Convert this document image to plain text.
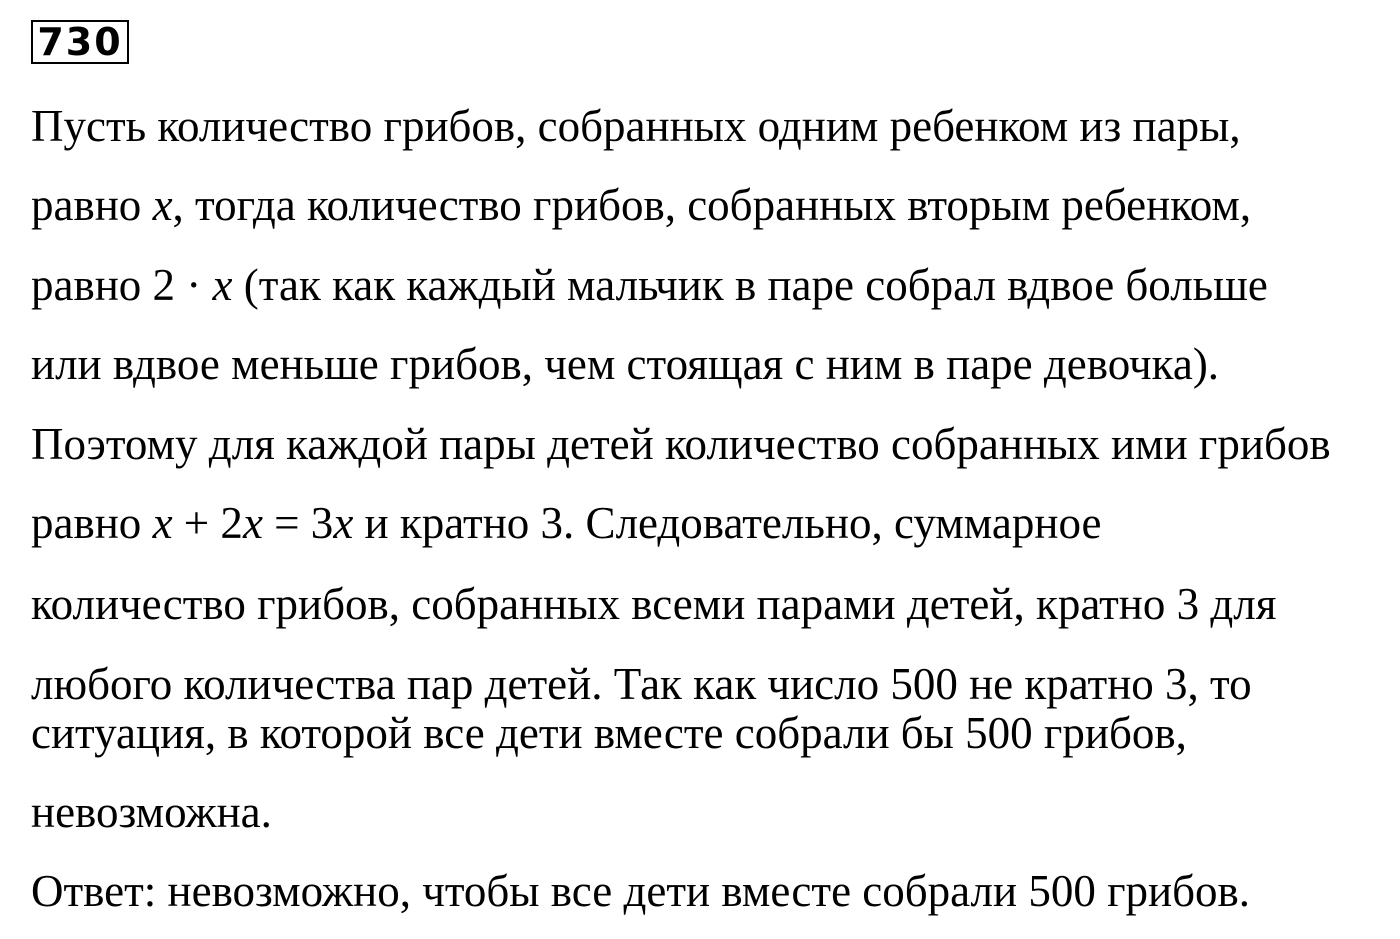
730
Пусть количество грибов, собранных одним ребенком из пары,
равно x, тогда количество грибов, собранных вторым ребенком,
равно 2 · x (так как каждый мальчик в паре собрал вдвое больше
или вдвое меньше грибов, чем стоящая с ним в паре девочка).
Поэтому для каждой пары детей количество собранных ими грибов
равно x + 2x = 3x и кратно 3. Следовательно, суммарное
количество грибов, собранных всеми парами детей, кратно 3 для
любого количества пар детей. Так как число 500 не кратно 3, то
ситуация, в которой все дети вместе собрали бы 500 грибов,
невозможна.
Ответ: невозможно, чтобы все дети вместе собрали 500 грибов.
